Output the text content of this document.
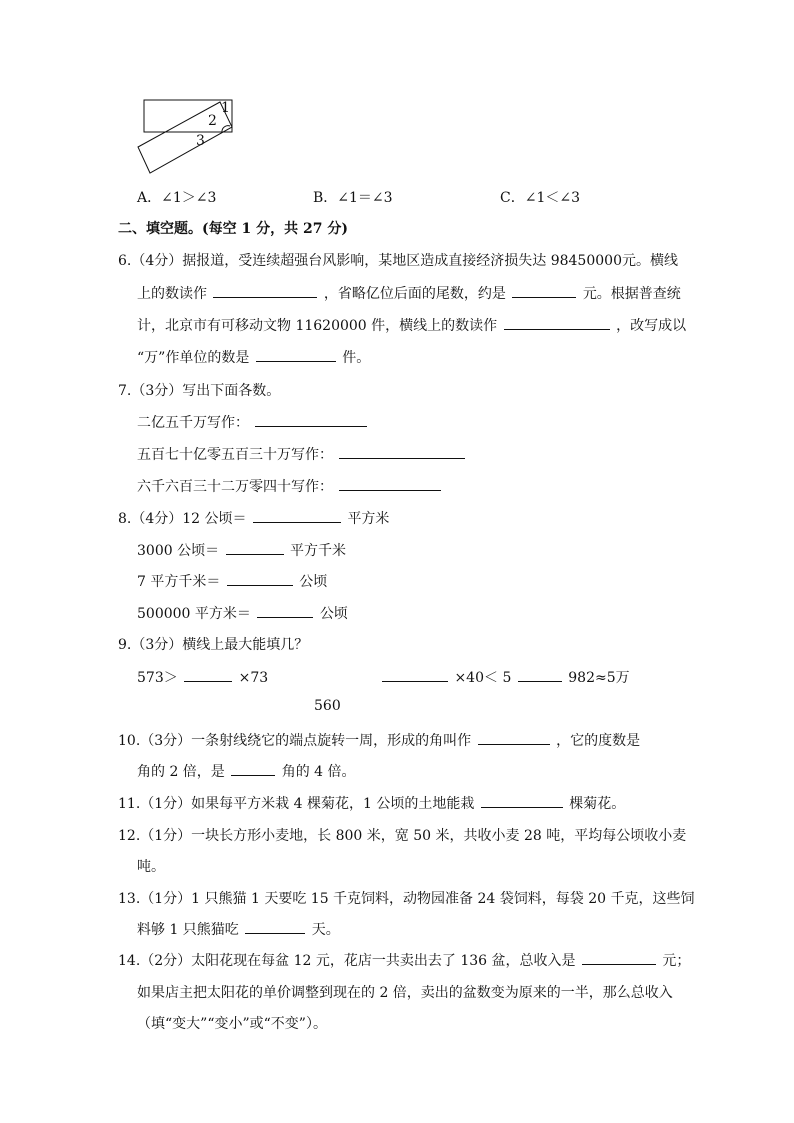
1
2
3
A．∠1＞∠3	B．∠1＝∠3	C．∠1＜∠3
二、填空题。(每空 1 分，共 27 分)
6.（4分）据报道，受连续超强台风影响，某地区造成直接经济损失达 98450000元。横线
上的数读作	，省略亿位后面的尾数，约是	元。根据普查统
计，北京市有可移动文物 11620000 件，横线上的数读作	，改写成以
“万”作单位的数是	件。
7.（3分）写出下面各数。
二亿五千万写作：
五百七十亿零五百三十万写作：
六千六百三十二万零四十写作：
8.（4分）12 公顷＝	平方米
3000 公顷＝	平方千米
7 平方千米＝	公顷
500000 平方米＝	公顷
9.（3分）横线上最大能填几？
573＞	×73	×40＜ 5	982≈5万
560
10.（3分）一条射线绕它的端点旋转一周，形成的角叫作	，它的度数是
角的 2 倍，是	角的 4 倍。
11.（1分）如果每平方米栽 4 棵菊花，1 公顷的土地能栽	棵菊花。
12.（1分）一块长方形小麦地，长 800 米，宽 50 米，共收小麦 28 吨，平均每公顷收小麦
吨。
13.（1分）1 只熊猫 1 天要吃 15 千克饲料，动物园准备 24 袋饲料，每袋 20 千克，这些饲
料够 1 只熊猫吃	天。
14.（2分）太阳花现在每盆 12 元，花店一共卖出去了 136 盆，总收入是	元；
如果店主把太阳花的单价调整到现在的 2 倍，卖出的盆数变为原来的一半，那么总收入
（填“变大”“变小”或“不变”）。
